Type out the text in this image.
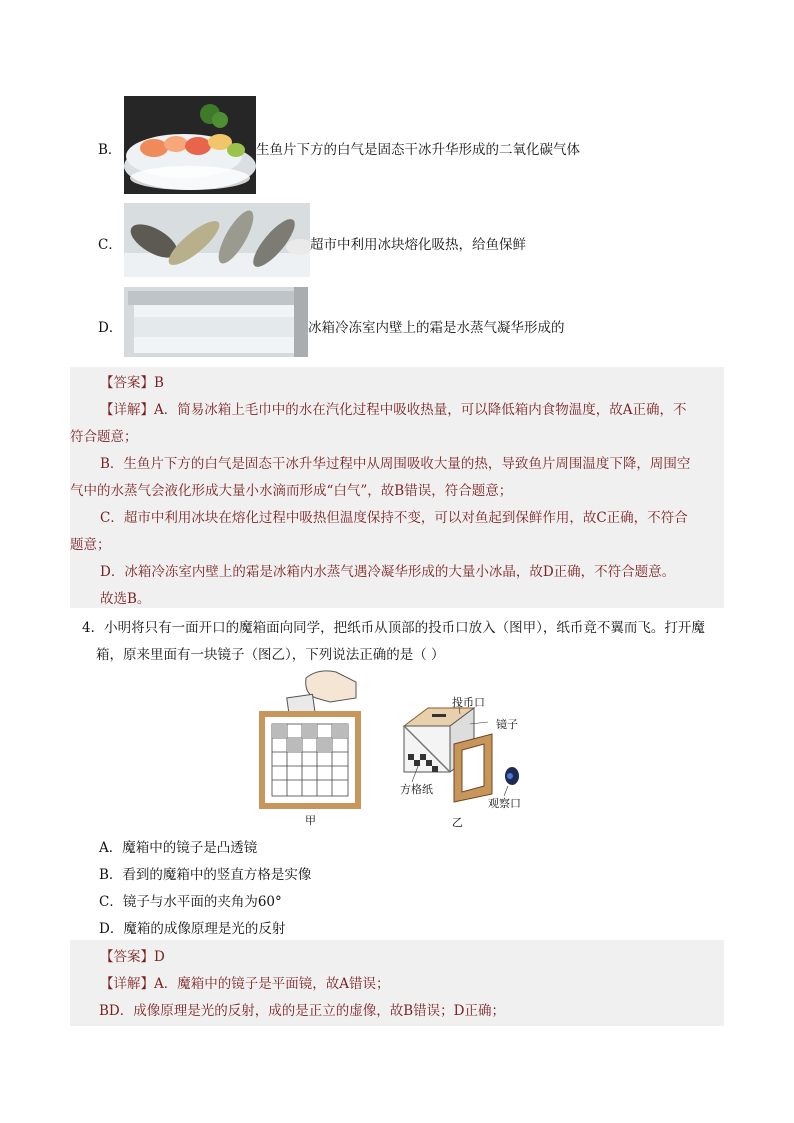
B．	生鱼片下方的白气是固态干冰升华形成的二氧化碳气体
C．	超市中利用冰块熔化吸热，给鱼保鲜
D．	冰箱冷冻室内壁上的霜是水蒸气凝华形成的
【答案】B
【详解】A．简易冰箱上毛巾中的水在汽化过程中吸收热量，可以降低箱内食物温度，故A正确，不
符合题意；
B．生鱼片下方的白气是固态干冰升华过程中从周围吸收大量的热，导致鱼片周围温度下降，周围空
气中的水蒸气会液化形成大量小水滴而形成“白气”，故B错误，符合题意；
C．超市中利用冰块在熔化过程中吸热但温度保持不变，可以对鱼起到保鲜作用，故C正确，不符合
题意；
D．冰箱冷冻室内壁上的霜是冰箱内水蒸气遇冷凝华形成的大量小冰晶，故D正确，不符合题意。
故选B。
4．小明将只有一面开口的魔箱面向同学，把纸币从顶部的投币口放入（图甲），纸币竟不翼而飞。打开魔
箱，原来里面有一块镜子（图乙），下列说法正确的是（ ）
甲
投币口
镜子
方格纸
观察口
乙
A．魔箱中的镜子是凸透镜
B．看到的魔箱中的竖直方格是实像
C．镜子与水平面的夹角为60°
D．魔箱的成像原理是光的反射
【答案】D
【详解】A．魔箱中的镜子是平面镜，故A错误；
BD．成像原理是光的反射，成的是正立的虚像，故B错误；D正确；
